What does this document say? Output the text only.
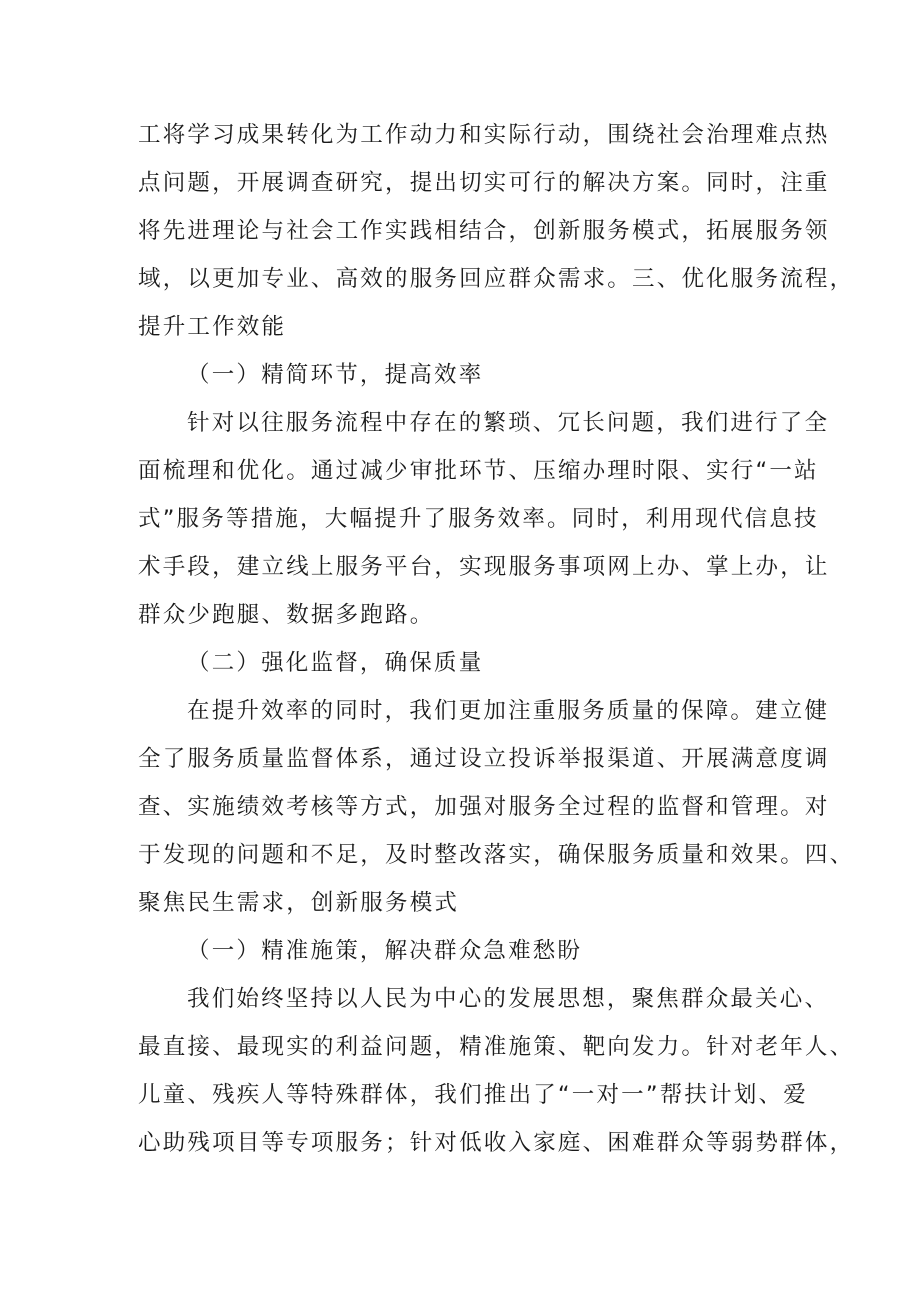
工将学习成果转化为工作动力和实际行动，围绕社会治理难点热
点问题，开展调查研究，提出切实可行的解决方案。同时，注重
将先进理论与社会工作实践相结合，创新服务模式，拓展服务领
域，以更加专业、高效的服务回应群众需求。三、优化服务流程，
提升工作效能
（一）精简环节，提高效率
针对以往服务流程中存在的繁琐、冗长问题，我们进行了全
面梳理和优化。通过减少审批环节、压缩办理时限、实行“一站
式”服务等措施，大幅提升了服务效率。同时，利用现代信息技
术手段，建立线上服务平台，实现服务事项网上办、掌上办，让
群众少跑腿、数据多跑路。
（二）强化监督，确保质量
在提升效率的同时，我们更加注重服务质量的保障。建立健
全了服务质量监督体系，通过设立投诉举报渠道、开展满意度调
查、实施绩效考核等方式，加强对服务全过程的监督和管理。对
于发现的问题和不足，及时整改落实，确保服务质量和效果。四、
聚焦民生需求，创新服务模式
（一）精准施策，解决群众急难愁盼
我们始终坚持以人民为中心的发展思想，聚焦群众最关心、
最直接、最现实的利益问题，精准施策、靶向发力。针对老年人、
儿童、残疾人等特殊群体，我们推出了“一对一”帮扶计划、爱
心助残项目等专项服务；针对低收入家庭、困难群众等弱势群体，
